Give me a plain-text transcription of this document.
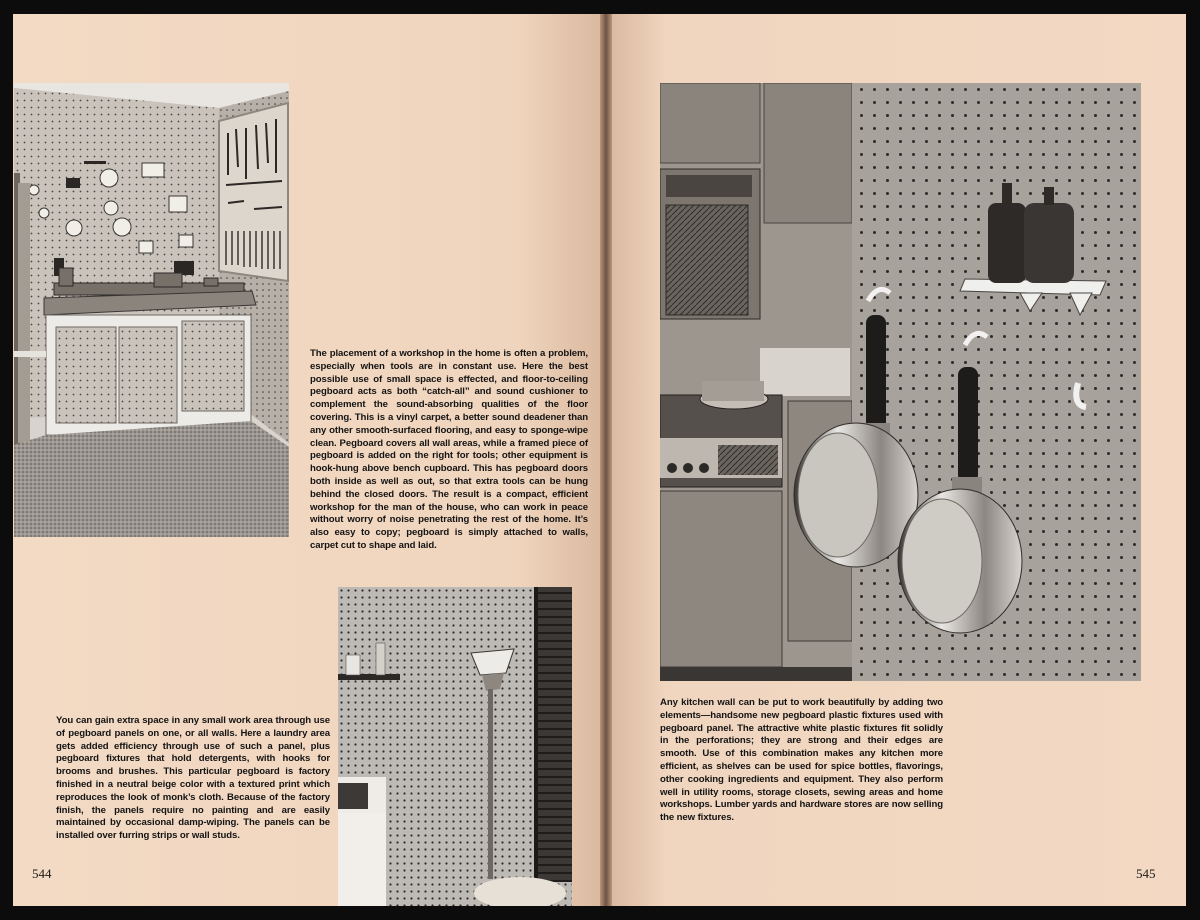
The placement of a workshop in the home is often a problem, especially when tools are in constant use. Here the best possible use of small space is effected, and floor-to-ceiling pegboard acts as both “catch-all” and sound cushioner to complement the sound-absorbing qualities of the floor covering. This is a vinyl carpet, a better sound deadener than any other smooth-surfaced flooring, and easy to sponge-wipe clean. Pegboard covers all wall areas, while a framed piece of pegboard is added on the right for tools; other equipment is hook-hung above bench cupboard. This has pegboard doors both inside as well as out, so that extra tools can be hung behind the closed doors. The result is a compact, efficient workshop for the man of the house, who can work in peace without worry of noise penetrating the rest of the home. It’s also easy to copy; pegboard is simply attached to walls, carpet cut to shape and laid.

You can gain extra space in any small work area through use of pegboard panels on one, or all walls. Here a laundry area gets added efficiency through use of such a panel, plus pegboard fixtures that hold detergents, with hooks for brooms and brushes. This particular pegboard is factory finished in a neutral beige color with a textured print which reproduces the look of monk’s cloth. Because of the factory finish, the panels require no painting and are easily maintained by occasional damp-wiping. The panels can be installed over furring strips or wall studs.

Any kitchen wall can be put to work beautifully by adding two elements—handsome new pegboard plastic fixtures used with pegboard panel. The attractive white plastic fixtures fit solidly in the perforations; they are strong and their edges are smooth. Use of this combination makes any kitchen more efficient, as shelves can be used for spice bottles, flavorings, other cooking ingredients and equipment. They also perform well in utility rooms, storage closets, sewing areas and home workshops. Lumber yards and hardware stores are now selling the new fixtures.

544	545
